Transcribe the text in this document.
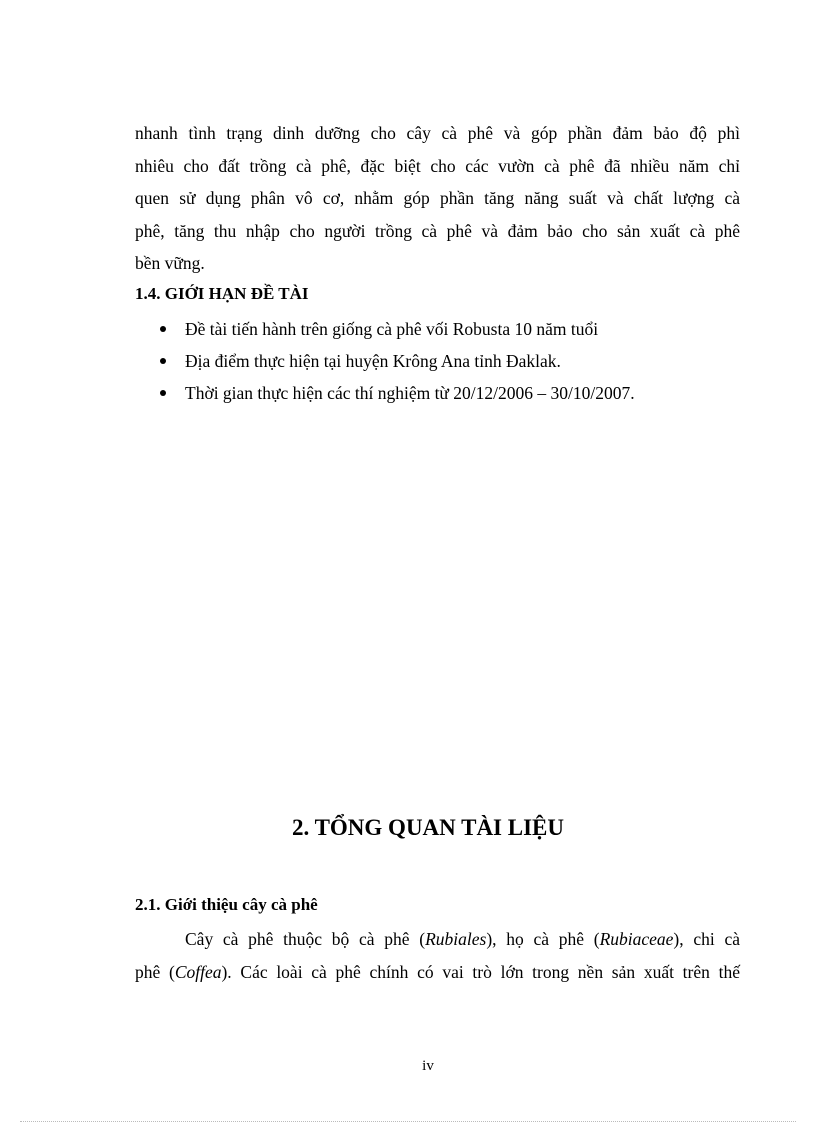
nhanh tình trạng dinh dưỡng cho cây cà phê và góp phần đảm bảo độ phì
nhiêu cho đất trồng cà phê, đặc biệt cho các vườn cà phê đã nhiều năm chỉ
quen sử dụng phân vô cơ, nhằm góp phần tăng năng suất và chất lượng cà
phê, tăng thu nhập cho người trồng cà phê và đảm bảo cho sản xuất cà phê
bền vững.
1.4. GIỚI HẠN ĐỀ TÀI
Đề tài tiến hành trên giống cà phê vối Robusta 10 năm tuổi
Địa điểm thực hiện tại huyện Krông Ana tỉnh Đaklak.
Thời gian thực hiện các thí nghiệm từ 20/12/2006 – 30/10/2007.
2. TỔNG QUAN TÀI LIỆU
2.1. Giới thiệu cây cà phê
Cây cà phê thuộc bộ cà phê (Rubiales), họ cà phê (Rubiaceae), chi cà
phê (Coffea). Các loài cà phê chính có vai trò lớn trong nền sản xuất trên thế
iv
